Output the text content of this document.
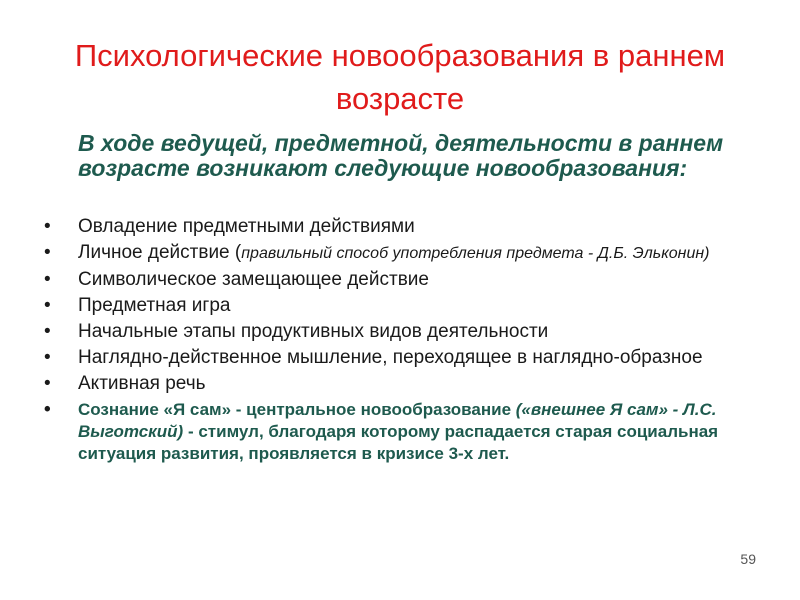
Психологические новообразования в раннем возрасте
В ходе ведущей, предметной, деятельности в раннем возрасте возникают следующие новообразования:
• Овладение предметными действиями
• Личное действие (правильный способ употребления предмета - Д.Б. Эльконин)
• Символическое замещающее действие
• Предметная игра
• Начальные этапы продуктивных видов деятельности
• Наглядно-действенное мышление, переходящее в наглядно-образное
• Активная речь
• Сознание «Я сам» - центральное новообразование («внешнее Я сам» - Л.С. Выготский) - стимул, благодаря которому распадается старая социальная ситуация развития, проявляется в кризисе 3-х лет.
59
